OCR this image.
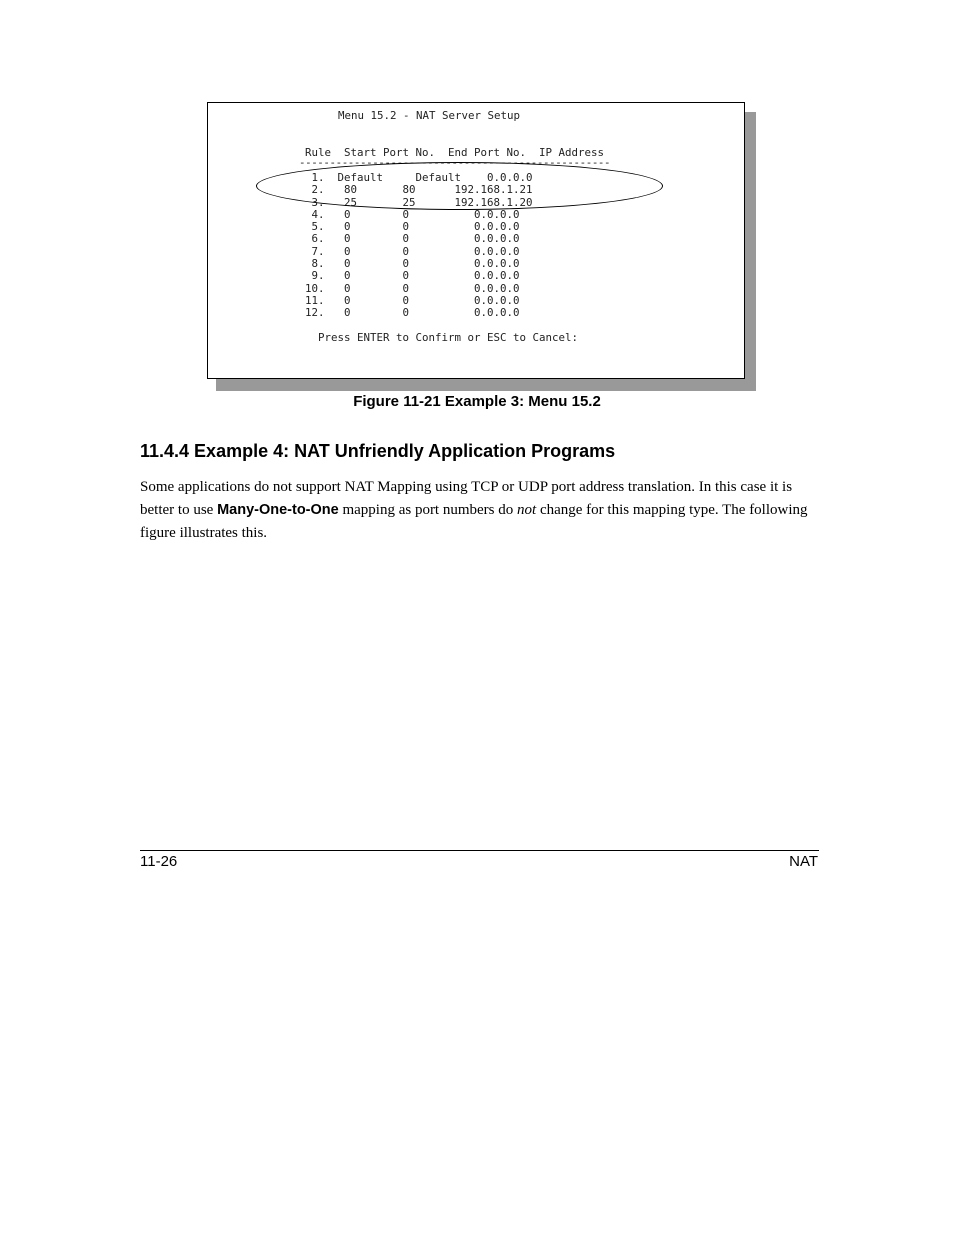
Menu 15.2 - NAT Server Setup
Rule  Start Port No.  End Port No.  IP Address
---------------------------------------------------
1.  Default     Default    0.0.0.0
2.   80       80      192.168.1.21
3.   25       25      192.168.1.20
4.   0        0          0.0.0.0
5.   0        0          0.0.0.0
6.   0        0          0.0.0.0
7.   0        0          0.0.0.0
8.   0        0          0.0.0.0
9.   0        0          0.0.0.0
10.   0        0          0.0.0.0
11.   0        0          0.0.0.0
12.   0        0          0.0.0.0
Press ENTER to Confirm or ESC to Cancel:
Figure 11-21 Example 3: Menu 15.2
11.4.4 Example 4: NAT Unfriendly Application Programs

Some applications do not support NAT Mapping using TCP or UDP port address translation. In this case it is better to use Many-One-to-One mapping as port numbers do not change for this mapping type. The following figure illustrates this.

11-26	NAT
